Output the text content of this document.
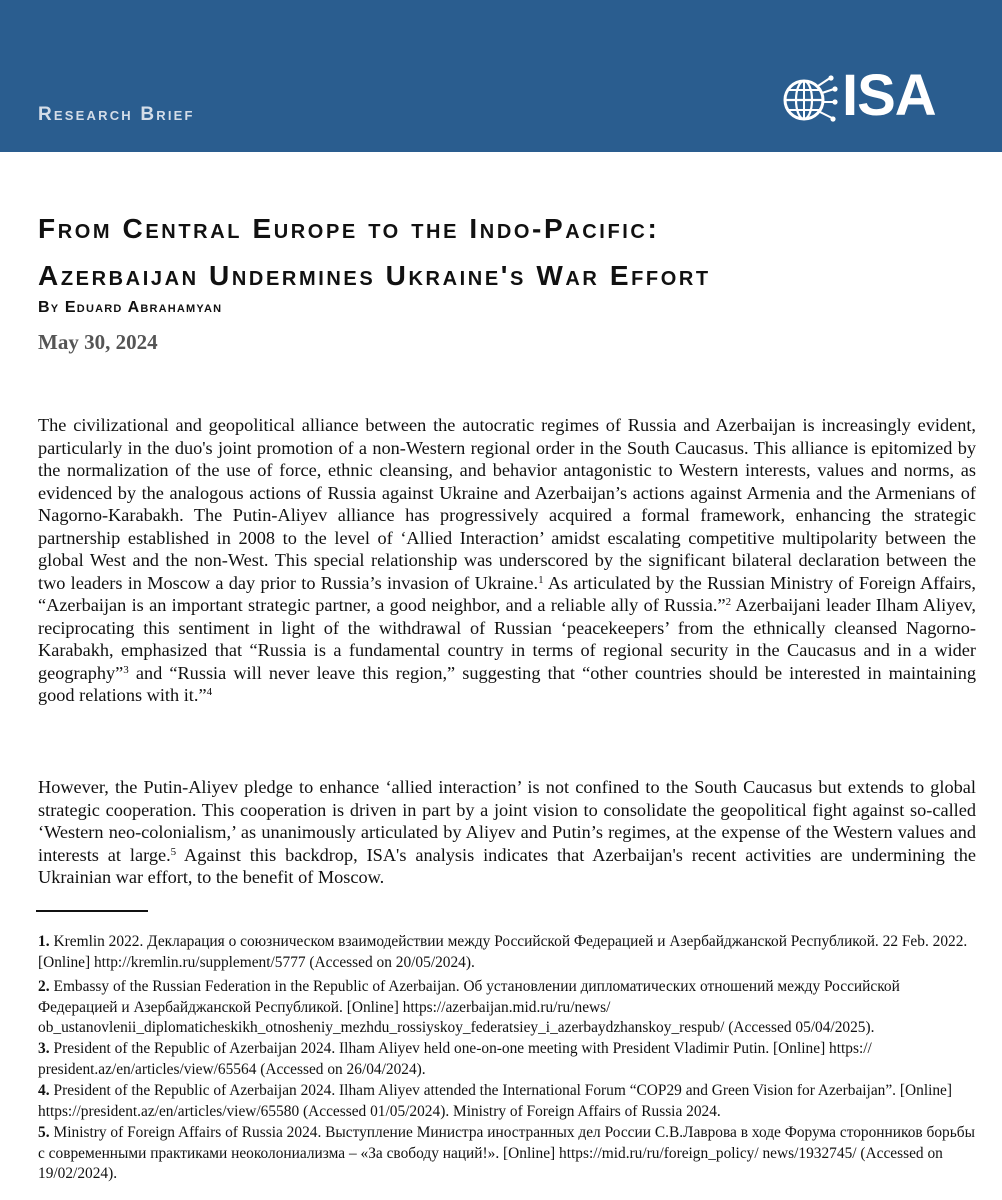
Research Brief	ISA
From Central Europe to the Indo-Pacific:
Azerbaijan Undermines Ukraine's War Effort
By Eduard Abrahamyan
May 30, 2024

The civilizational and geopolitical alliance between the autocratic regimes of Russia and Azerbaijan is increasingly evident, particularly in the duo's joint promotion of a non-Western regional order in the South Caucasus. This alliance is epitomized by the normalization of the use of force, ethnic cleansing, and behavior antagonistic to Western interests, values and norms, as evidenced by the analogous actions of Russia against Ukraine and Azerbaijan’s actions against Armenia and the Armenians of Nagorno-Karabakh. The Putin-Aliyev alliance has progressively acquired a formal framework, enhancing the strategic partnership established in 2008 to the level of ‘Allied Interaction’ amidst escalating competitive multipolarity between the global West and the non-West. This special relationship was underscored by the significant bilateral declaration between the two leaders in Moscow a day prior to Russia’s invasion of Ukraine.$^1$ As articulated by the Russian Ministry of Foreign Affairs, “Azerbaijan is an important strategic partner, a good neighbor, and a reliable ally of Russia.”$^2$ Azerbaijani leader Ilham Aliyev, reciprocating this sentiment in light of the withdrawal of Russian ‘peacekeepers’ from the ethnically cleansed Nagorno-Karabakh, emphasized that “Russia is a fundamental country in terms of regional security in the Caucasus and in a wider geography”$^3$ and “Russia will never leave this region,” suggesting that “other countries should be interested in maintaining good relations with it.”$^4$

However, the Putin-Aliyev pledge to enhance ‘allied interaction’ is not confined to the South Caucasus but extends to global strategic cooperation. This cooperation is driven in part by a joint vision to consolidate the geopolitical fight against so-called ‘Western neo-colonialism,’ as unanimously articulated by Aliyev and Putin’s regimes, at the expense of the Western values and interests at large.$^5$ Against this backdrop, ISA's analysis indicates that Azerbaijan's recent activities are undermining the Ukrainian war effort, to the benefit of Moscow.

1. Kremlin 2022. Декларация о союзническом взаимодействии между Российской Федерацией и Азербайджанской Республикой. 22 Feb. 2022. [Online] http://kremlin.ru/supplement/5777 (Accessed on 20/05/2024).
2. Embassy of the Russian Federation in the Republic of Azerbaijan. Об установлении дипломатических отношений между Российской Федерацией и Азербайджанской Республикой. [Online] https://azerbaijan.mid.ru/ru/news/ ob_ustanovlenii_diplomaticheskikh_otnosheniy_mezhdu_rossiyskoy_federatsiey_i_azerbaydzhanskoy_respub/ (Accessed 05/04/2025).
3. President of the Republic of Azerbaijan 2024. Ilham Aliyev held one-on-one meeting with President Vladimir Putin. [Online] https:// president.az/en/articles/view/65564 (Accessed on 26/04/2024).
4. President of the Republic of Azerbaijan 2024. Ilham Aliyev attended the International Forum “COP29 and Green Vision for Azerbaijan”. [Online] https://president.az/en/articles/view/65580 (Accessed 01/05/2024). Ministry of Foreign Affairs of Russia 2024.
5. Ministry of Foreign Affairs of Russia 2024. Выступление Министра иностранных дел России С.В.Лаврова в ходе Форума сторонников борьбы с современными практиками неоколониализма – «За свободу наций!». [Online] https://mid.ru/ru/foreign_policy/ news/1932745/ (Accessed on 19/02/2024).
